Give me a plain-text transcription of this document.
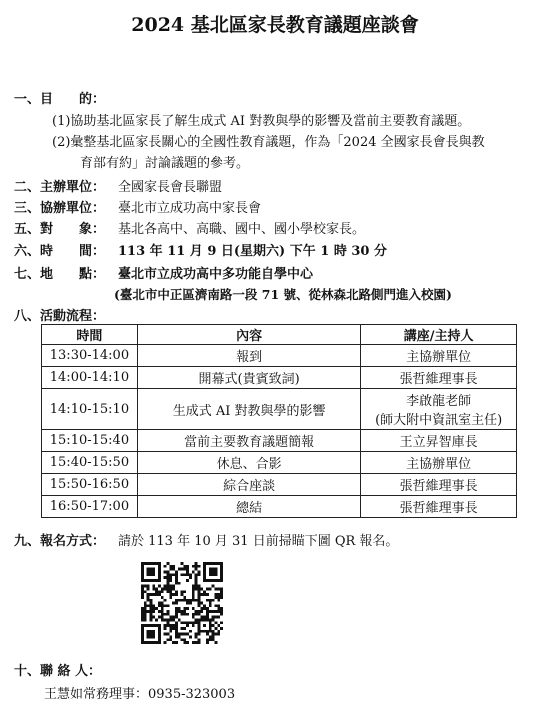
2024 基北區家長教育議題座談會
一、目　　的：
(1)協助基北區家長了解生成式 AI 對教與學的影響及當前主要教育議題。
(2)彙整基北區家長關心的全國性教育議題，作為「2024 全國家長會長與教
育部有約」討論議題的參考。
二、主辦單位： 全國家長會長聯盟
三、協辦單位： 臺北市立成功高中家長會
五、對　　象： 基北各高中、高職、國中、國小學校家長。
六、時　　間： 113 年 11 月 9 日(星期六) 下午 1 時 30 分
七、地　　點： 臺北市立成功高中多功能自學中心
(臺北市中正區濟南路一段 71 號、從林森北路側門進入校園)
八、活動流程：
時間	內容	講座/主持人
13:30-14:00	報到	主協辦單位
14:00-14:10	開幕式(貴賓致詞)	張哲維理事長
14:10-15:10	生成式 AI 對教與學的影響	李啟龍老師
(師大附中資訊室主任)

15:10-15:40	當前主要教育議題簡報	王立昇智庫長
15:40-15:50	休息、合影	主協辦單位
15:50-16:50	綜合座談	張哲維理事長
16:50-17:00	總結	張哲維理事長
九、報名方式： 請於 113 年 10 月 31 日前掃瞄下圖 QR 報名。
十、聯 絡 人：
王慧如常務理事：0935-323003
